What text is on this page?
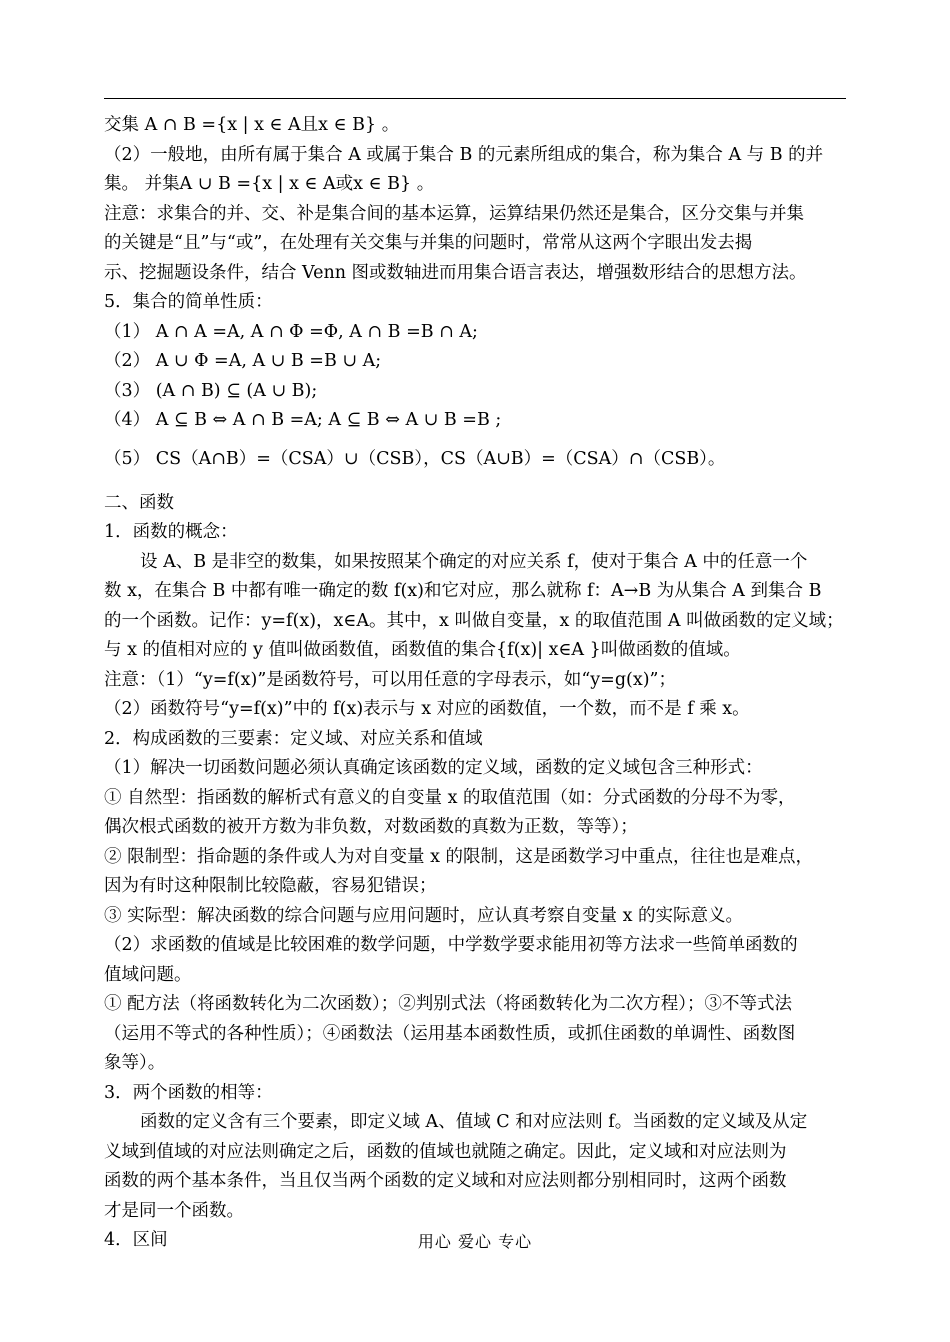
交集 A ∩ B ={x | x ∈ A且x ∈ B} 。
（2）一般地，由所有属于集合 A 或属于集合 B 的元素所组成的集合，称为集合 A 与 B 的并
集。 并集A ∪ B ={x | x ∈ A或x ∈ B} 。
注意：求集合的并、交、补是集合间的基本运算，运算结果仍然还是集合，区分交集与并集
的关键是“且”与“或”，在处理有关交集与并集的问题时，常常从这两个字眼出发去揭
示、挖掘题设条件，结合 Venn 图或数轴进而用集合语言表达，增强数形结合的思想方法。
5．集合的简单性质：
（1） A ∩ A =A, A ∩ Φ =Φ, A ∩ B =B ∩ A;
（2） A ∪ Φ =A, A ∪ B =B ∪ A;
（3） (A ∩ B) ⊆ (A ∪ B);
（4） A ⊆ B ⇔ A ∩ B =A; A ⊆ B ⇔ A ∪ B =B ;
（5） CS（A∩B）=（CSA）∪（CSB），CS（A∪B）=（CSA）∩（CSB）。
二、函数
1．函数的概念：
设 A、B 是非空的数集，如果按照某个确定的对应关系 f，使对于集合 A 中的任意一个
数 x，在集合 B 中都有唯一确定的数 f(x)和它对应，那么就称 f：A→B 为从集合 A 到集合 B
的一个函数。记作：y=f(x)，x∈A。其中，x 叫做自变量，x 的取值范围 A 叫做函数的定义域；
与 x 的值相对应的 y 值叫做函数值，函数值的集合{f(x)| x∈A }叫做函数的值域。
注意：（1）“y=f(x)”是函数符号，可以用任意的字母表示，如“y=g(x)”；
（2）函数符号“y=f(x)”中的 f(x)表示与 x 对应的函数值，一个数，而不是 f 乘 x。
2．构成函数的三要素：定义域、对应关系和值域
（1）解决一切函数问题必须认真确定该函数的定义域，函数的定义域包含三种形式：
① 自然型：指函数的解析式有意义的自变量 x 的取值范围（如：分式函数的分母不为零，
偶次根式函数的被开方数为非负数，对数函数的真数为正数，等等）；
② 限制型：指命题的条件或人为对自变量 x 的限制，这是函数学习中重点，往往也是难点，
因为有时这种限制比较隐蔽，容易犯错误；
③ 实际型：解决函数的综合问题与应用问题时，应认真考察自变量 x 的实际意义。
（2）求函数的值域是比较困难的数学问题，中学数学要求能用初等方法求一些简单函数的
值域问题。
① 配方法（将函数转化为二次函数）；②判别式法（将函数转化为二次方程）；③不等式法
（运用不等式的各种性质）；④函数法（运用基本函数性质，或抓住函数的单调性、函数图
象等）。
3．两个函数的相等：
函数的定义含有三个要素，即定义域 A、值域 C 和对应法则 f。当函数的定义域及从定
义域到值域的对应法则确定之后，函数的值域也就随之确定。因此，定义域和对应法则为
函数的两个基本条件，当且仅当两个函数的定义域和对应法则都分别相同时，这两个函数
才是同一个函数。
4．区间	用心 爱心 专心
